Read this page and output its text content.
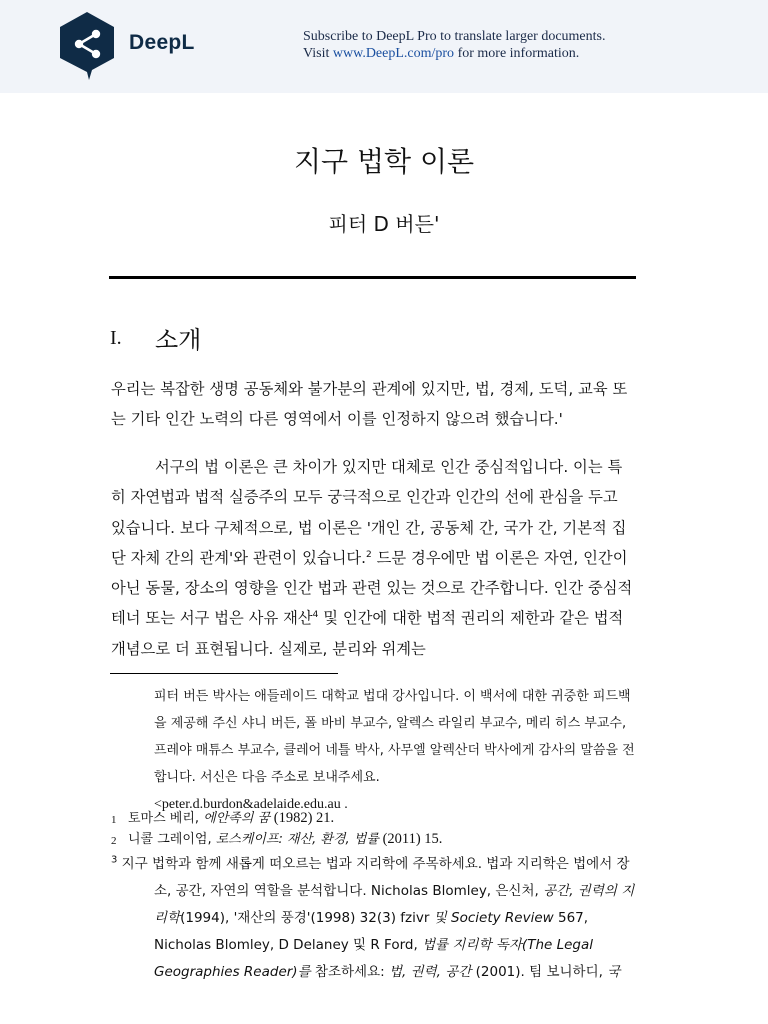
DeepL	Subscribe to DeepL Pro to translate larger documents.
Visit www.DeepL.com/pro for more information.
지구 법학 이론
피터 D 버든'
I. 소개
우리는 복잡한 생명 공동체와 불가분의 관계에 있지만, 법, 경제, 도덕, 교육 또는 기타 인간 노력의 다른 영역에서 이를 인정하지 않으려 했습니다.'
서구의 법 이론은 큰 차이가 있지만 대체로 인간 중심적입니다. 이는 특히 자연법과 법적 실증주의 모두 궁극적으로 인간과 인간의 선에 관심을 두고 있습니다. 보다 구체적으로, 법 이론은 '개인 간, 공동체 간, 국가 간, 기본적 집단 자체 간의 관계'와 관련이 있습니다.$^2$ 드문 경우에만 법 이론은 자연, 인간이 아닌 동물, 장소의 영향을 인간 법과 관련 있는 것으로 간주합니다. 인간 중심적 테너 또는 서구 법은 사유 재산$^4$ 및 인간에 대한 법적 권리의 제한과 같은 법적 개념으로 더 표현됩니다. 실제로, 분리와 위계는
피터 버든 박사는 애들레이드 대학교 법대 강사입니다. 이 백서에 대한 귀중한 피드백을 제공해 주신 샤니 버든, 폴 바비 부교수, 알렉스 라일리 부교수, 메리 히스 부교수, 프레야 매튜스 부교수, 클레어 네틀 박사, 사무엘 알렉산더 박사에게 감사의 말씀을 전합니다. 서신은 다음 주소로 보내주세요.
<peter.d.burdon&adelaide.edu.au .
1 토마스 베리, 에안족의 꿈 (1982) 21.
2 니콜 그레이엄, 로스케이프: 재산, 환경, 법률 (2011) 15.
$^3$ 지구 법학과 함께 새롭게 떠오르는 법과 지리학에 주목하세요. 법과 지리학은 법에서 장소, 공간, 자연의 역할을 분석합니다. Nicholas Blomley, 은신처, 공간, 권력의 지리학(1994), '재산의 풍경'(1998) 32(3) fzivr 및 Society Review 567, Nicholas Blomley, D Delaney 및 R Ford, 법률 지리학 독자(The Legal Geographies Reader)를 참조하세요: 법, 권력, 공간 (2001). 팀 보니하디, 국
